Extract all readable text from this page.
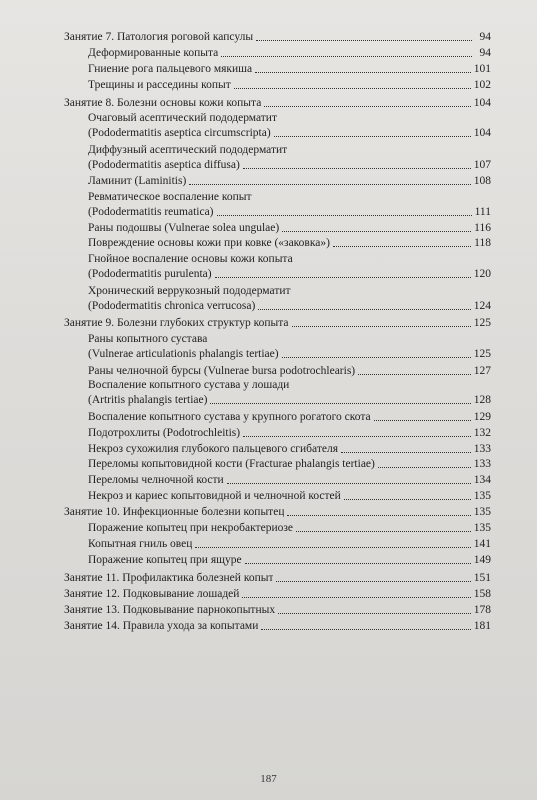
Занятие 7. Патология роговой капсулы	94
Деформированные копыта	94
Гниение рога пальцевого мякиша	101
Трещины и расседины копыт	102
Занятие 8. Болезни основы кожи копыта	104
Очаговый асептический пододерматит
(Pododermatitis aseptica circumscripta)	104
Диффузный асептический пододерматит
(Pododermatitis aseptica diffusa)	107
Ламинит (Laminitis)	108
Ревматическое воспаление копыт
(Pododermatitis reumatica)	111
Раны подошвы (Vulnerae solea ungulae)	116
Повреждение основы кожи при ковке («заковка»)	118
Гнойное воспаление основы кожи копыта
(Pododermatitis purulenta)	120
Хронический веррукозный пододерматит
(Pododermatitis chronica verrucosa)	124
Занятие 9. Болезни глубоких структур копыта	125
Раны копытного сустава
(Vulnerae articulationis phalangis tertiae)	125
Раны челночной бурсы (Vulnerae bursa podotrochlearis)	127
Воспаление копытного сустава у лошади
(Artritis phalangis tertiae)	128
Воспаление копытного сустава у крупного рогатого скота	129
Подотрохлиты (Podotrochleitis)	132
Некроз сухожилия глубокого пальцевого сгибателя	133
Переломы копытовидной кости (Fracturae phalangis tertiae)	133
Переломы челночной кости	134
Некроз и кариес копытовидной и челночной костей	135
Занятие 10. Инфекционные болезни копытец	135
Поражение копытец при некробактериозе	135
Копытная гниль овец	141
Поражение копытец при ящуре	149
Занятие 11. Профилактика болезней копыт	151
Занятие 12. Подковывание лошадей	158
Занятие 13. Подковывание парнокопытных	178
Занятие 14. Правила ухода за копытами	181
187
